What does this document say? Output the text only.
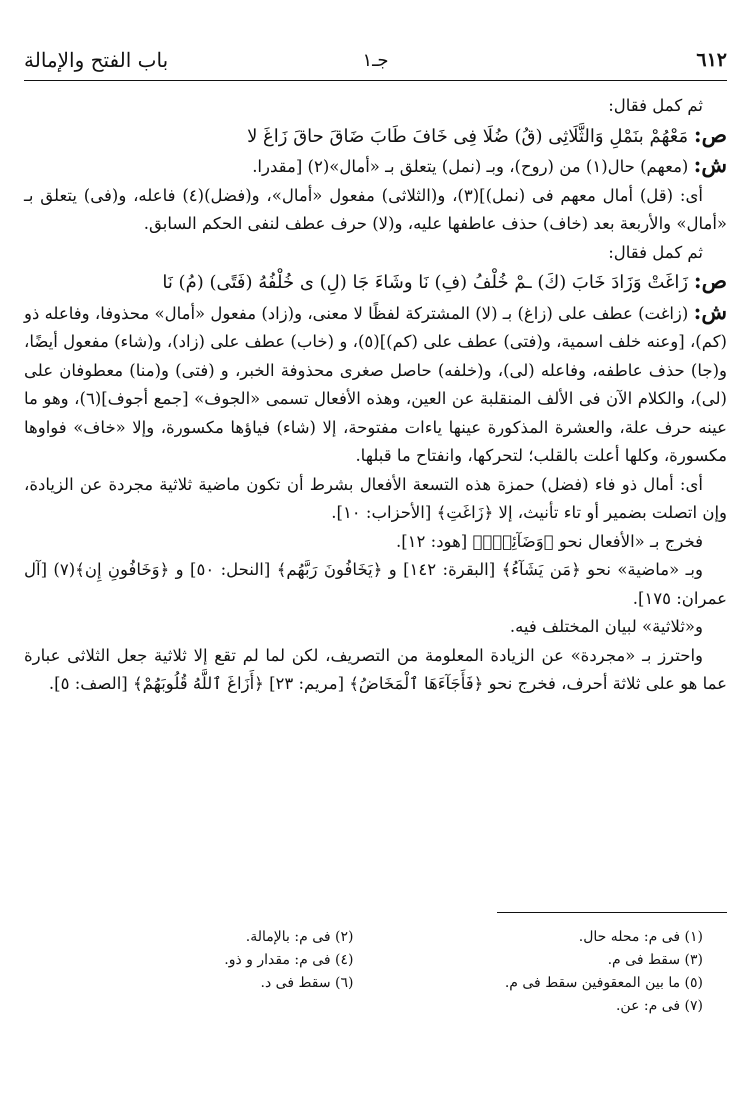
٦١٢
جـ١
باب الفتح والإمالة

ثم كمل فقال:

ص: مَعْهُمْ بنَمْلِ وَالثَّلَاثِى (قُ) ضُلَا فِى خَافَ طَابَ ضَاقَ حاقَ زَاغَ لا

ش: (معهم) حال(١) من (روح)، وبـ (نمل) يتعلق بـ «أمال»(٢) [مقدرا.

أى: (قل) أمال معهم فى (نمل)](٣)، و(الثلاثى) مفعول «أمال»، و(فضل)(٤) فاعله، و(فى) يتعلق بـ «أمال» والأربعة بعد (خاف) حذف عاطفها عليه، و(لا) حرف عطف لنفى الحكم السابق.

ثم كمل فقال:

ص: زَاغَتْ وَزَادَ خَابَ (كَ) ـمْ خُلْفُ (فِ) نَا وشَاءَ جَا (لِ) ى خُلْفُهُ (فَتًى) (مُ) نَا

ش: (زاغت) عطف على (زاغ) بـ (لا) المشتركة لفظًا لا معنى، و(زاد) مفعول «أمال» محذوفا، وفاعله ذو (كم)، [وعنه خلف اسمية، و(فتى) عطف على (كم)](٥)، و (خاب) عطف على (زاد)، و(شاء) مفعول أيضًا، و(جا) حذف عاطفه، وفاعله (لى)، و(خلفه) حاصل صغرى محذوفة الخبر، و (فتى) و(منا) معطوفان على (لى)، والكلام الآن فى الألف المنقلبة عن العين، وهذه الأفعال تسمى «الجوف» [جمع أجوف](٦)، وهو ما عينه حرف علة، والعشرة المذكورة عينها ياءات مفتوحة، إلا (شاء) فياؤها مكسورة، وإلا «خاف» فواوها مكسورة، وكلها أعلت بالقلب؛ لتحركها، وانفتاح ما قبلها.

أى: أمال ذو فاء (فضل) حمزة هذه التسعة الأفعال بشرط أن تكون ماضية ثلاثية مجردة عن الزيادة، وإن اتصلت بضمير أو تاء تأنيث، إلا ﴿زَاغَتِ﴾ [الأحزاب: ١٠].

فخرج بـ «الأفعال نحو ﴿وَضَآئِقٌۢ﴾ [هود: ١٢].

وبـ «ماضية» نحو ﴿مَن يَشَآءُ﴾ [البقرة: ١٤٢] و ﴿يَخَافُونَ رَبَّهُم﴾ [النحل: ٥٠] و ﴿وَخَافُونِ إِن﴾(٧) [آل عمران: ١٧٥].

و«ثلاثية» لبيان المختلف فيه.

واحترز بـ «مجردة» عن الزيادة المعلومة من التصريف، لكن لما لم تقع إلا ثلاثية جعل الثلاثى عبارة عما هو على ثلاثة أحرف، فخرج نحو ﴿فَأَجَآءَهَا ٱلْمَخَاضُ﴾ [مريم: ٢٣] ﴿أَزَاغَ ٱللَّهُ قُلُوبَهُمْ﴾ [الصف: ٥].

(١) فى م: محله حال.
(٢) فى م: بالإمالة.
(٣) سقط فى م.
(٤) فى م: مقدار و ذو.
(٥) ما بين المعقوفين سقط فى م.
(٦) سقط فى د.
(٧) فى م: عن.
